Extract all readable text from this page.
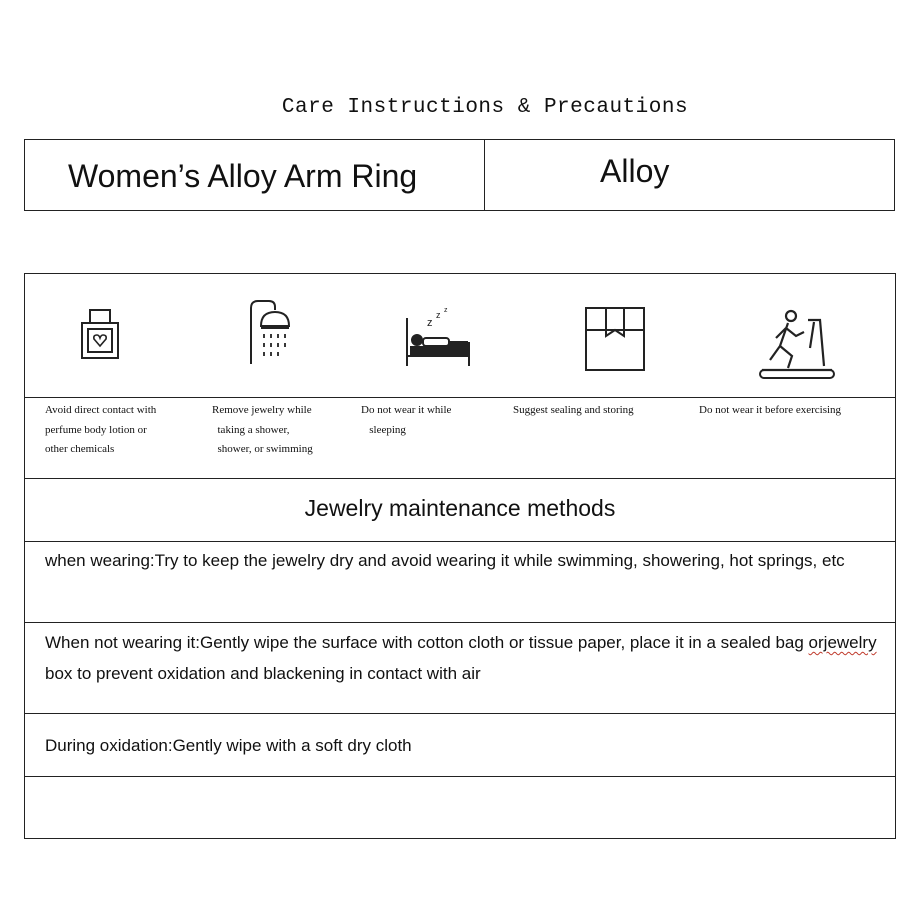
Care Instructions & Precautions
Women’s Alloy Arm Ring	Alloy
z
z z
Avoid direct contact with
perfume body lotion or
other chemicals
Remove jewelry while
taking a shower,
shower, or swimming
Do not wear it while
sleeping
Suggest sealing and storing	Do not wear it before exercising
Jewelry maintenance methods
when wearing:Try to keep the jewelry dry and avoid wearing it while swimming, showering, hot springs, etc
When not wearing it:Gently wipe the surface with cotton cloth or tissue paper, place it in a sealed bag orjewelry box to prevent oxidation and blackening in contact with air
During oxidation:Gently wipe with a soft dry cloth
